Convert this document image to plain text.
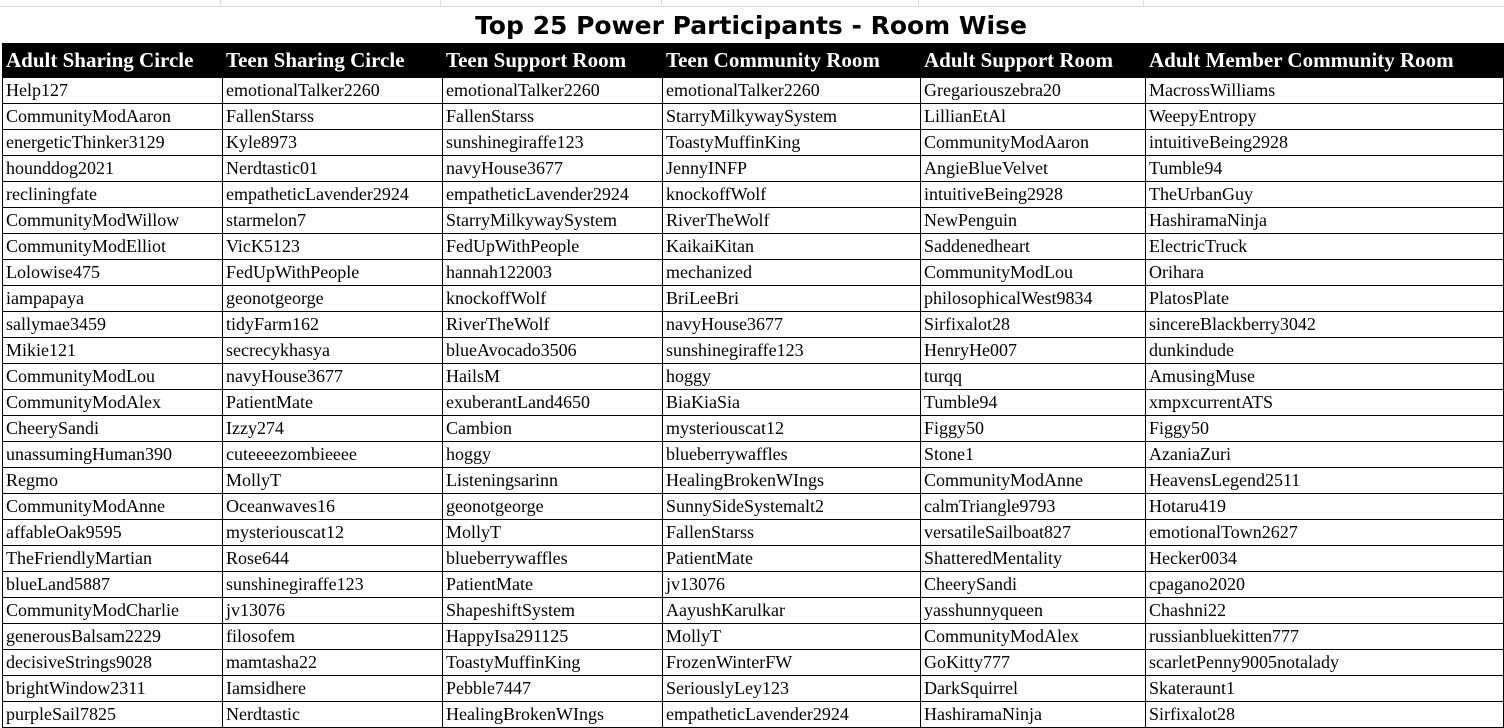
Top 25 Power Participants - Room Wise
Adult Sharing Circle	Teen Sharing Circle	Teen Support Room	Teen Community Room	Adult Support Room	Adult Member Community Room
Help127	emotionalTalker2260	emotionalTalker2260	emotionalTalker2260	Gregariouszebra20	MacrossWilliams
CommunityModAaron	FallenStarss	FallenStarss	StarryMilkywaySystem	LillianEtAl	WeepyEntropy
energeticThinker3129	Kyle8973	sunshinegiraffe123	ToastyMuffinKing	CommunityModAaron	intuitiveBeing2928
hounddog2021	Nerdtastic01	navyHouse3677	JennyINFP	AngieBlueVelvet	Tumble94
recliningfate	empatheticLavender2924	empatheticLavender2924	knockoffWolf	intuitiveBeing2928	TheUrbanGuy
CommunityModWillow	starmelon7	StarryMilkywaySystem	RiverTheWolf	NewPenguin	HashiramaNinja
CommunityModElliot	VicK5123	FedUpWithPeople	KaikaiKitan	Saddenedheart	ElectricTruck
Lolowise475	FedUpWithPeople	hannah122003	mechanized	CommunityModLou	Orihara
iampapaya	geonotgeorge	knockoffWolf	BriLeeBri	philosophicalWest9834	PlatosPlate
sallymae3459	tidyFarm162	RiverTheWolf	navyHouse3677	Sirfixalot28	sincereBlackberry3042
Mikie121	secrecykhasya	blueAvocado3506	sunshinegiraffe123	HenryHe007	dunkindude
CommunityModLou	navyHouse3677	HailsM	hoggy	turqq	AmusingMuse
CommunityModAlex	PatientMate	exuberantLand4650	BiaKiaSia	Tumble94	xmpxcurrentATS
CheerySandi	Izzy274	Cambion	mysteriouscat12	Figgy50	Figgy50
unassumingHuman390	cuteeeezombieeee	hoggy	blueberrywaffles	Stone1	AzaniaZuri
Regmo	MollyT	Listeningsarinn	HealingBrokenWIngs	CommunityModAnne	HeavensLegend2511
CommunityModAnne	Oceanwaves16	geonotgeorge	SunnySideSystemalt2	calmTriangle9793	Hotaru419
affableOak9595	mysteriouscat12	MollyT	FallenStarss	versatileSailboat827	emotionalTown2627
TheFriendlyMartian	Rose644	blueberrywaffles	PatientMate	ShatteredMentality	Hecker0034
blueLand5887	sunshinegiraffe123	PatientMate	jv13076	CheerySandi	cpagano2020
CommunityModCharlie	jv13076	ShapeshiftSystem	AayushKarulkar	yasshunnyqueen	Chashni22
generousBalsam2229	filosofem	HappyIsa291125	MollyT	CommunityModAlex	russianbluekitten777
decisiveStrings9028	mamtasha22	ToastyMuffinKing	FrozenWinterFW	GoKitty777	scarletPenny9005notalady
brightWindow2311	Iamsidhere	Pebble7447	SeriouslyLey123	DarkSquirrel	Skateraunt1
purpleSail7825	Nerdtastic	HealingBrokenWIngs	empatheticLavender2924	HashiramaNinja	Sirfixalot28
